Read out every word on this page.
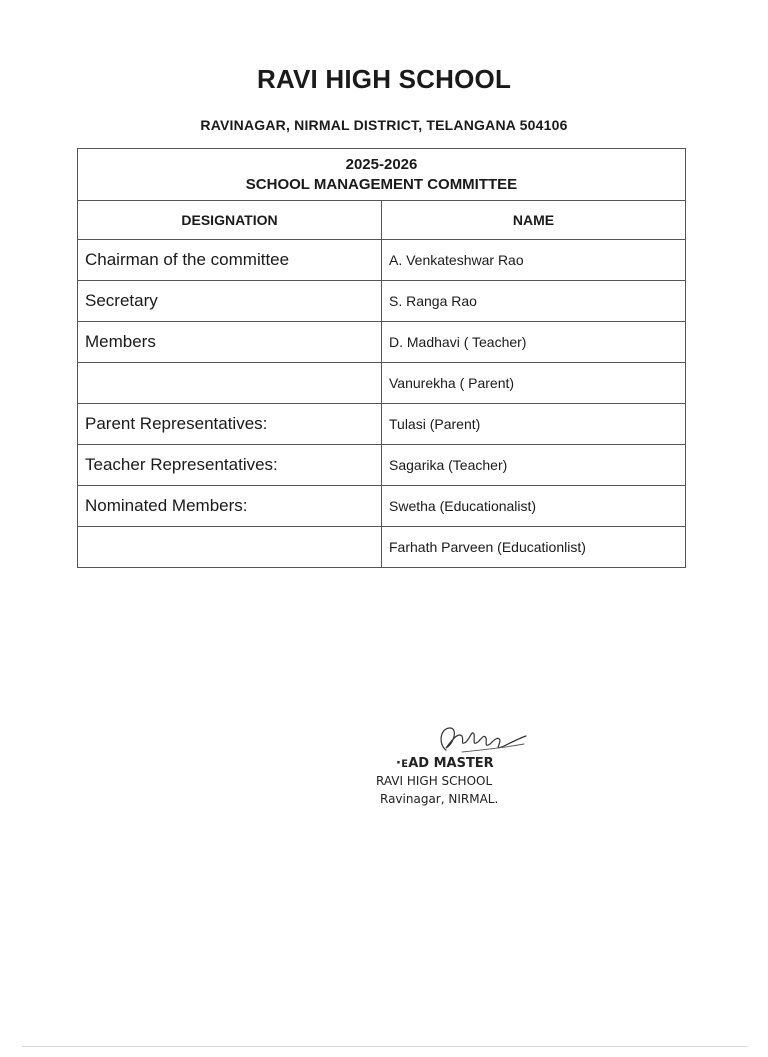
RAVI HIGH SCHOOL
RAVINAGAR, NIRMAL DISTRICT, TELANGANA 504106
2025-2026
SCHOOL MANAGEMENT COMMITTEE	

DESIGNATION	NAME
Chairman of the committee	A. Venkateshwar Rao
Secretary	S. Ranga Rao
Members	D. Madhavi ( Teacher)
	Vanurekha ( Parent)
Parent Representatives:	Tulasi (Parent)
Teacher Representatives:	Sagarika (Teacher)
Nominated Members:	Swetha (Educationalist)
	Farhath Parveen (Educationlist)
·ᴇAD MASTER
RAVI HIGH SCHOOL
Ravinagar, NIRMAL.
